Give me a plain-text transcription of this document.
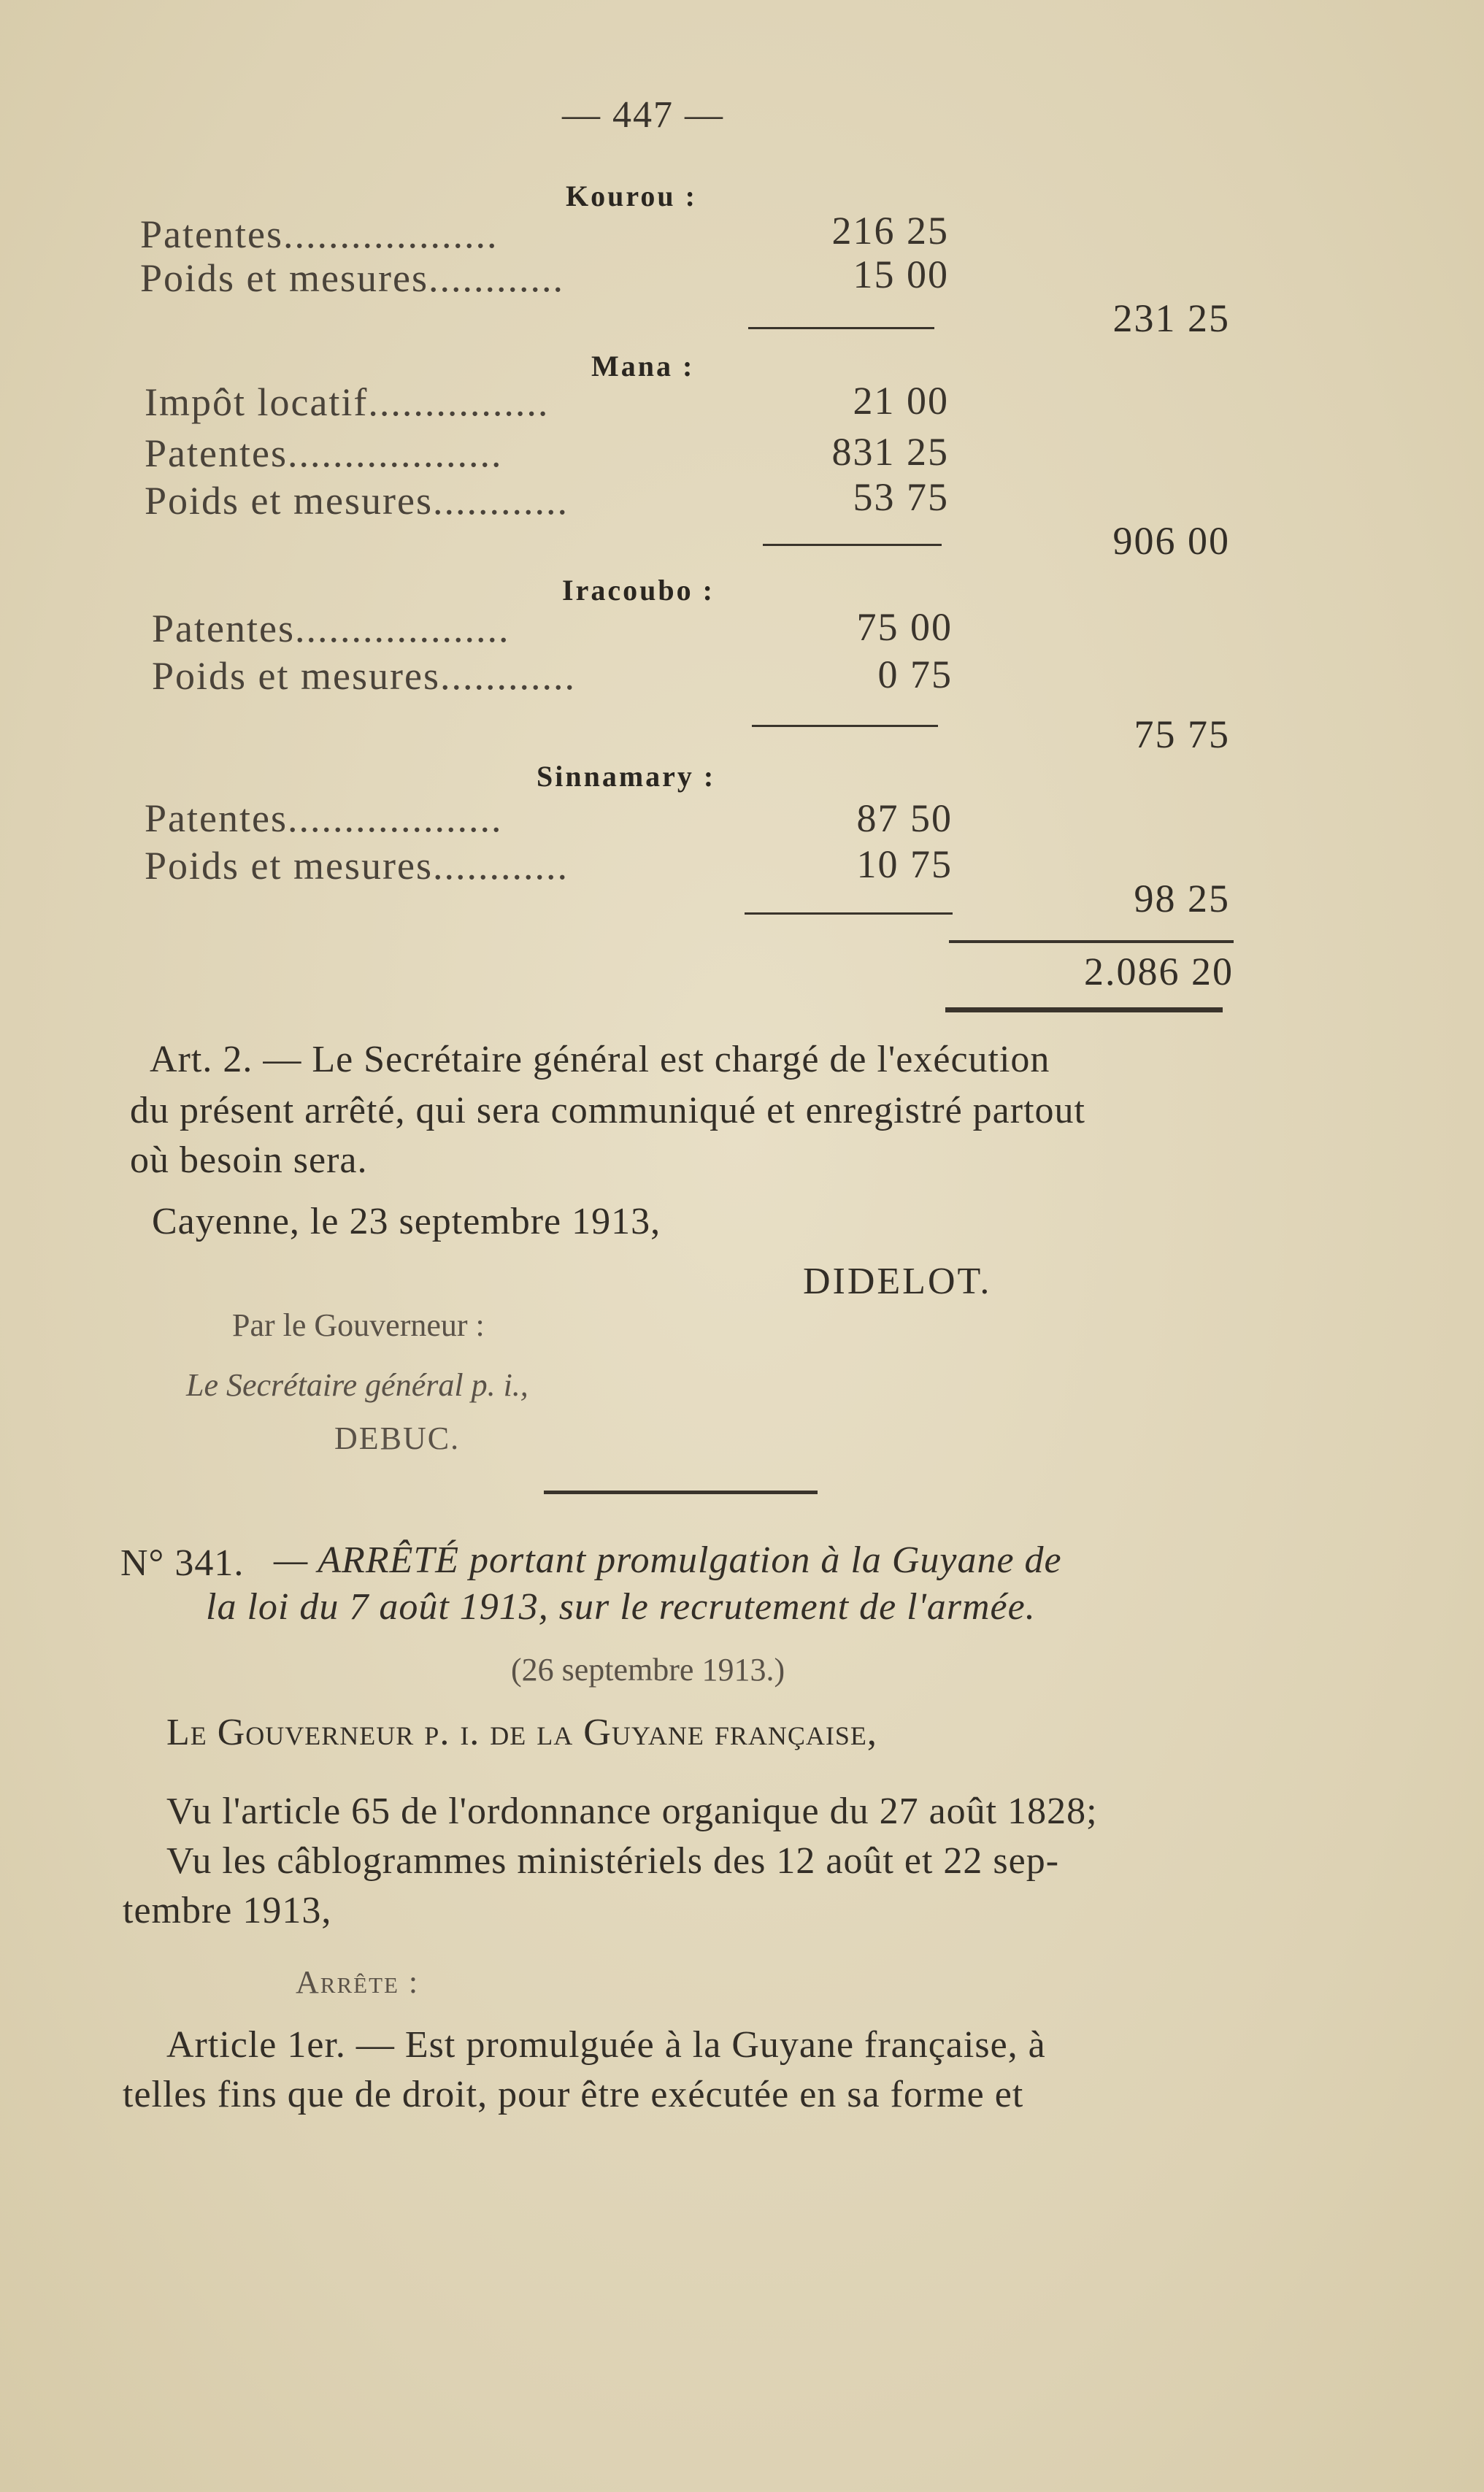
— 447 —
Kourou :
Patentes...................	216 25
Poids et mesures............	15 00
231 25
Mana :
Impôt locatif................	21 00
Patentes...................	831 25
Poids et mesures............	53 75
906 00
Iracoubo :
Patentes...................	75 00
Poids et mesures............	0 75
75 75
Sinnamary :
Patentes...................	87 50
Poids et mesures............	10 75
98 25
2.086 20
Art. 2. — Le Secrétaire général est chargé de l'exécution
du présent arrêté, qui sera communiqué et enregistré partout
où besoin sera.
Cayenne, le 23 septembre 1913,
DIDELOT.
Par le Gouverneur :
Le Secrétaire général p. i.,
DEBUC.
N° 341. — ARRÊTÉ portant promulgation à la Guyane de
la loi du 7 août 1913, sur le recrutement de l'armée.
(26 septembre 1913.)
Le Gouverneur p. i. de la Guyane française,
Vu l'article 65 de l'ordonnance organique du 27 août 1828;
Vu les câblogrammes ministériels des 12 août et 22 sep-
tembre 1913,
Arrête :
Article 1er. — Est promulguée à la Guyane française, à
telles fins que de droit, pour être exécutée en sa forme et
